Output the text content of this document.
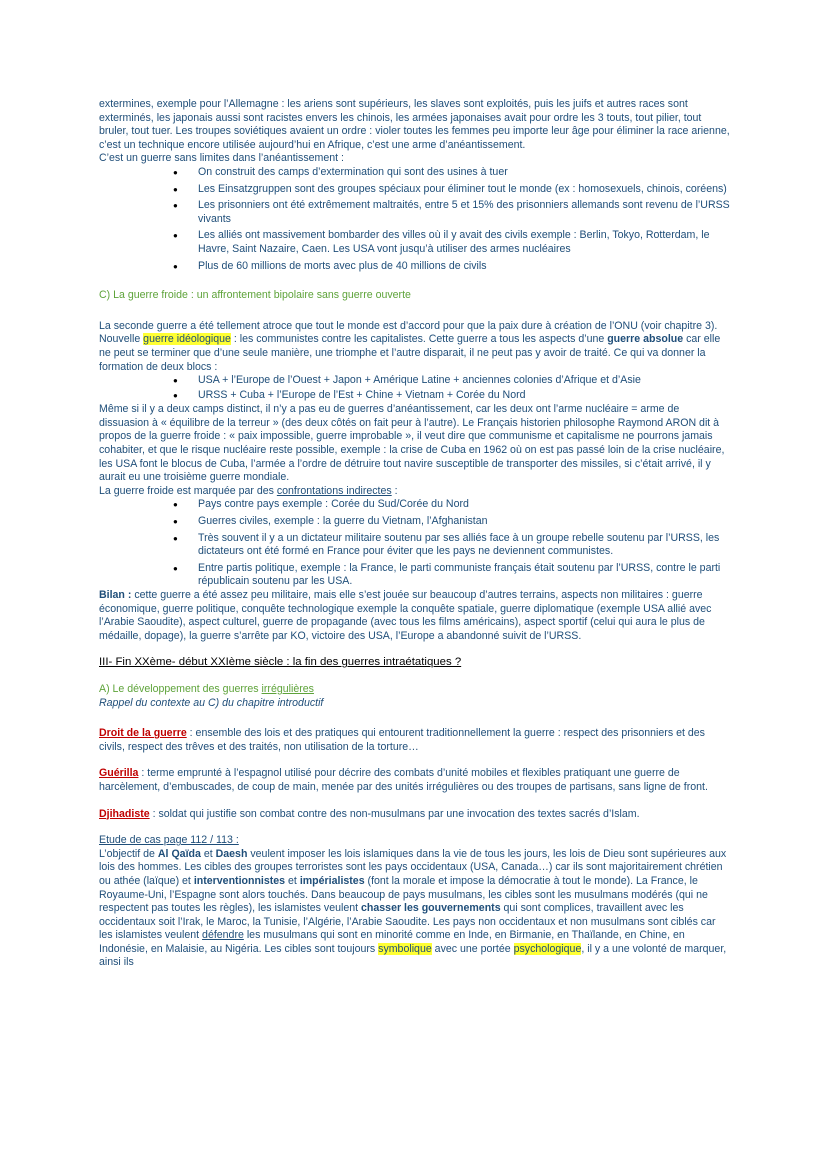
extermines, exemple pour l’Allemagne : les ariens sont supérieurs, les slaves sont exploités, puis les juifs et autres races sont exterminés, les japonais aussi sont racistes envers les chinois, les armées japonaises avait pour ordre les 3 touts, tout pilier, tout bruler, tout tuer. Les troupes soviétiques avaient un ordre : violer toutes les femmes peu importe leur âge pour éliminer la race arienne, c’est un technique encore utilisée aujourd’hui en Afrique, c’est une arme d’anéantissement.

C’est un guerre sans limites dans l’anéantissement :

● On construit des camps d’extermination qui sont des usines à tuer
● Les Einsatzgruppen sont des groupes spéciaux pour éliminer tout le monde (ex : homosexuels, chinois, coréens)
● Les prisonniers ont été extrêmement maltraités, entre 5 et 15% des prisonniers allemands sont revenu de l’URSS vivants
● Les alliés ont massivement bombarder des villes où il y avait des civils exemple : Berlin, Tokyo, Rotterdam, le Havre, Saint Nazaire, Caen. Les USA vont jusqu’à utiliser des armes nucléaires
● Plus de 60 millions de morts avec plus de 40 millions de civils

C) La guerre froide : un affrontement bipolaire sans guerre ouverte

La seconde guerre a été tellement atroce que tout le monde est d’accord pour que la paix dure à création de l’ONU (voir chapitre 3).

Nouvelle guerre idéologique : les communistes contre les capitalistes. Cette guerre a tous les aspects d’une guerre absolue car elle ne peut se terminer que d’une seule manière, une triomphe et l’autre disparait, il ne peut pas y avoir de traité. Ce qui va donner la formation de deux blocs :

● USA + l’Europe de l’Ouest + Japon + Amérique Latine + anciennes colonies d’Afrique et d’Asie
● URSS + Cuba + l’Europe de l’Est + Chine + Vietnam + Corée du Nord

Même si il y a deux camps distinct, il n’y a pas eu de guerres d’anéantissement, car les deux ont l’arme nucléaire = arme de dissuasion à « équilibre de la terreur » (des deux côtés on fait peur à l’autre). Le Français historien philosophe Raymond ARON dit à propos de la guerre froide : « paix impossible, guerre improbable », il veut dire que communisme et capitalisme ne pourrons jamais cohabiter, et que le risque nucléaire reste possible, exemple : la crise de Cuba en 1962 où on est pas passé loin de la crise nucléaire, les USA font le blocus de Cuba, l’armée a l’ordre de détruire tout navire susceptible de transporter des missiles, si c’était arrivé, il y aurait eu une troisième guerre mondiale.

La guerre froide est marquée par des confrontations indirectes :

● Pays contre pays exemple : Corée du Sud/Corée du Nord
● Guerres civiles, exemple : la guerre du Vietnam, l’Afghanistan
● Très souvent il y a un dictateur militaire soutenu par ses alliés face à un groupe rebelle soutenu par l’URSS, les dictateurs ont été formé en France pour éviter que les pays ne deviennent communistes.
● Entre partis politique, exemple : la France, le parti communiste français était soutenu par l’URSS, contre le parti républicain soutenu par les USA.

Bilan : cette guerre a été assez peu militaire, mais elle s’est jouée sur beaucoup d’autres terrains, aspects non militaires : guerre économique, guerre politique, conquête technologique exemple la conquête spatiale, guerre diplomatique (exemple USA allié avec l’Arabie Saoudite), aspect culturel, guerre de propagande (avec tous les films américains), aspect sportif (celui qui aura le plus de médaille, dopage), la guerre s’arrête par KO, victoire des USA, l’Europe a abandonné suivit de l’URSS.

III- Fin XXème- début XXIème siècle : la fin des guerres intraétatiques ?

A) Le développement des guerres irrégulières

Rappel du contexte au C) du chapitre introductif

Droit de la guerre : ensemble des lois et des pratiques qui entourent traditionnellement la guerre : respect des prisonniers et des civils, respect des trêves et des traités, non utilisation de la torture…

Guérilla : terme emprunté à l’espagnol utilisé pour décrire des combats d’unité mobiles et flexibles pratiquant une guerre de harcèlement, d’embuscades, de coup de main, menée par des unités irrégulières ou des troupes de partisans, sans ligne de front.

Djihadiste : soldat qui justifie son combat contre des non-musulmans par une invocation des textes sacrés d’Islam.

Etude de cas page 112 / 113 :

L’objectif de Al Qaïda et Daesh veulent imposer les lois islamiques dans la vie de tous les jours, les lois de Dieu sont supérieures aux lois des hommes. Les cibles des groupes terroristes sont les pays occidentaux (USA, Canada…) car ils sont majoritairement chrétien ou athée (laïque) et interventionnistes et impérialistes (font la morale et impose la démocratie à tout le monde). La France, le Royaume-Uni, l’Espagne sont alors touchés. Dans beaucoup de pays musulmans, les cibles sont les musulmans modérés (qui ne respectent pas toutes les règles), les islamistes veulent chasser les gouvernements qui sont complices, travaillent avec les occidentaux soit l’Irak, le Maroc, la Tunisie, l’Algérie, l’Arabie Saoudite. Les pays non occidentaux et non musulmans sont ciblés car les islamistes veulent défendre les musulmans qui sont en minorité comme en Inde, en Birmanie, en Thaïlande, en Chine, en Indonésie, en Malaisie, au Nigéria. Les cibles sont toujours symbolique avec une portée psychologique, il y a une volonté de marquer, ainsi ils
